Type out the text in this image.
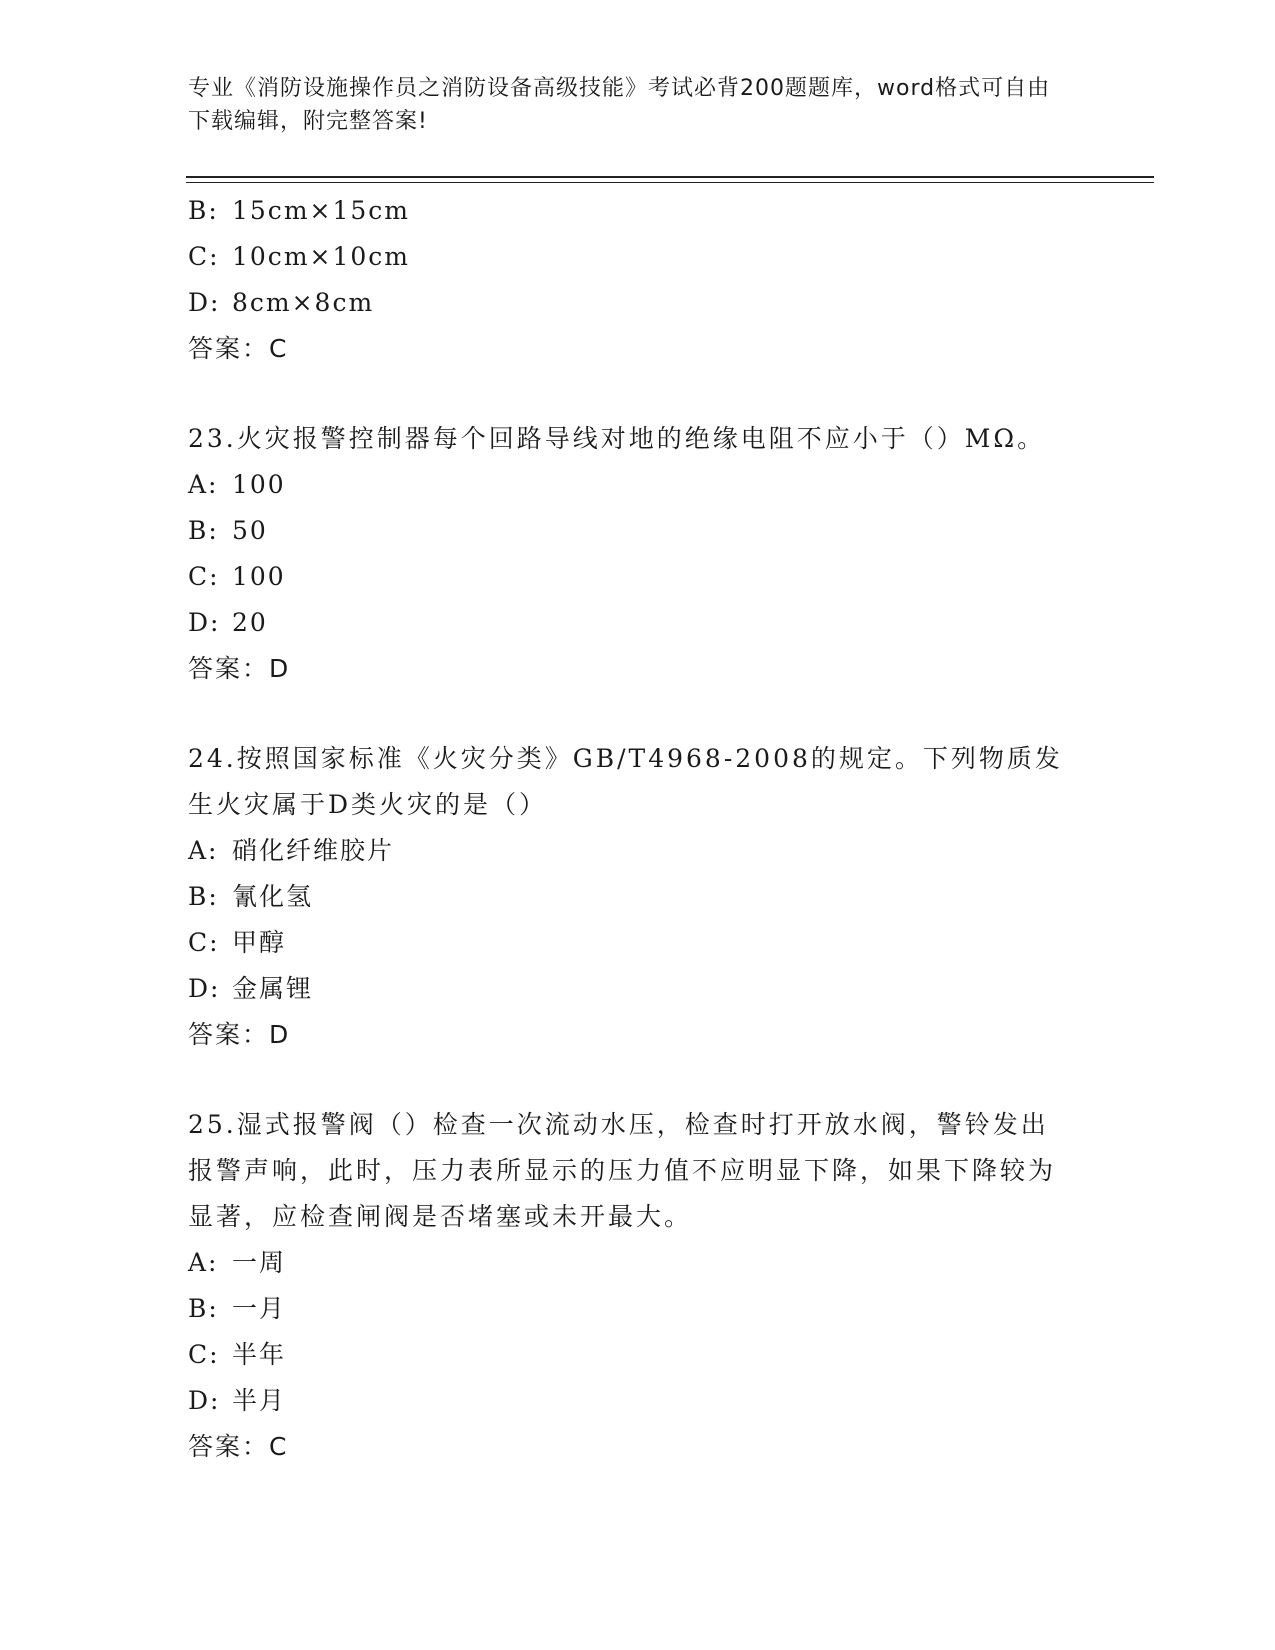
专业《消防设施操作员之消防设备高级技能》考试必背200题题库，word格式可自由下载编辑，附完整答案!
B: 15cm×15cm
C: 10cm×10cm
D: 8cm×8cm
答案：C
23.火灾报警控制器每个回路导线对地的绝缘电阻不应小于（）MΩ。
A: 100
B: 50
C: 100
D: 20
答案：D
24.按照国家标准《火灾分类》GB/T4968-2008的规定。下列物质发生火灾属于D类火灾的是（）
A: 硝化纤维胶片
B: 氰化氢
C: 甲醇
D: 金属锂
答案：D
25.湿式报警阀（）检查一次流动水压，检查时打开放水阀，警铃发出报警声响，此时，压力表所显示的压力值不应明显下降，如果下降较为显著，应检查闸阀是否堵塞或未开最大。
A: 一周
B: 一月
C: 半年
D: 半月
答案：C
